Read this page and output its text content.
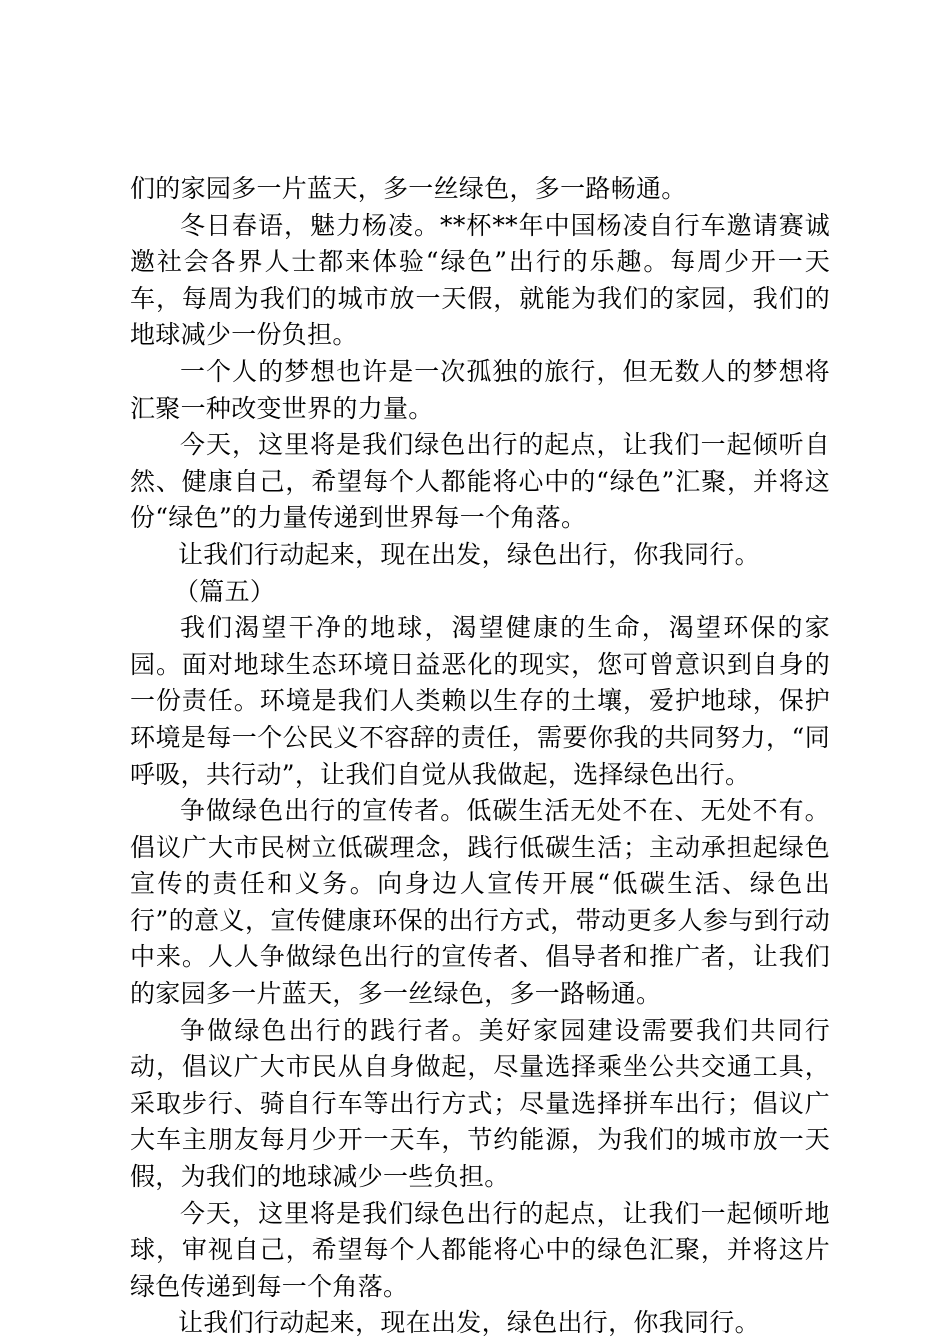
们的家园多一片蓝天，多一丝绿色，多一路畅通。

冬日春语，魅力杨凌。**杯**年中国杨凌自行车邀请赛诚邀社会各界人士都来体验“绿色”出行的乐趣。每周少开一天车，每周为我们的城市放一天假，就能为我们的家园，我们的地球减少一份负担。

一个人的梦想也许是一次孤独的旅行，但无数人的梦想将汇聚一种改变世界的力量。

今天，这里将是我们绿色出行的起点，让我们一起倾听自然、健康自己，希望每个人都能将心中的“绿色”汇聚，并将这份“绿色”的力量传递到世界每一个角落。

让我们行动起来，现在出发，绿色出行，你我同行。

（篇五）

我们渴望干净的地球，渴望健康的生命，渴望环保的家园。面对地球生态环境日益恶化的现实，您可曾意识到自身的一份责任。环境是我们人类赖以生存的土壤，爱护地球，保护环境是每一个公民义不容辞的责任，需要你我的共同努力，“同呼吸，共行动”，让我们自觉从我做起，选择绿色出行。

争做绿色出行的宣传者。低碳生活无处不在、无处不有。倡议广大市民树立低碳理念，践行低碳生活；主动承担起绿色宣传的责任和义务。向身边人宣传开展“低碳生活、绿色出行”的意义，宣传健康环保的出行方式，带动更多人参与到行动中来。人人争做绿色出行的宣传者、倡导者和推广者，让我们的家园多一片蓝天，多一丝绿色，多一路畅通。

争做绿色出行的践行者。美好家园建设需要我们共同行动，倡议广大市民从自身做起，尽量选择乘坐公共交通工具，采取步行、骑自行车等出行方式；尽量选择拼车出行；倡议广大车主朋友每月少开一天车，节约能源，为我们的城市放一天假，为我们的地球减少一些负担。

今天，这里将是我们绿色出行的起点，让我们一起倾听地球，审视自己，希望每个人都能将心中的绿色汇聚，并将这片绿色传递到每一个角落。

让我们行动起来，现在出发，绿色出行，你我同行。
